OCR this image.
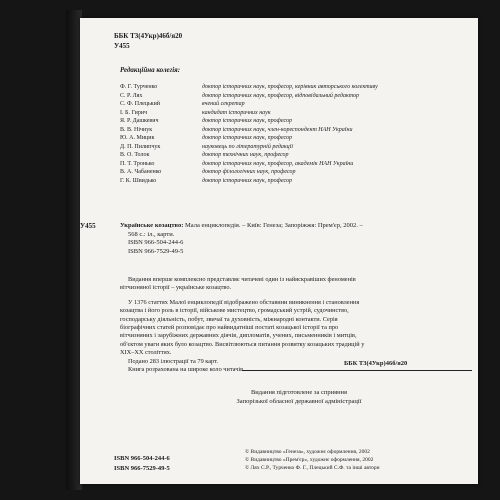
ББК Т3(4Укр)46б/я20
У455
Редакційна колегія:
Ф. Г. Турченко	доктор історичних наук, професор, керівник авторського колективу
С. Р. Лях	доктор історичних наук, професор, відповідальний редактор
С. Ф. Плецький	вчений секретар
І. Б. Гирич	кандидат історичних наук
Я. Р. Дашкевич	доктор історичних наук, професор
В. В. Нічиук	доктор історичних наук, член-кореспондент НАН України
Ю. А. Мицик	доктор історичних наук, професор
Д. П. Пилипчук	науковець по літературній редакції
В. О. Толок	доктор технічних наук, професор
П. Т. Тронько	доктор історичних наук, професор, академік НАН України
В. А. Чабаненко	доктор філологічних наук, професор
Г. К. Швидько	доктор історичних наук, професор
У455	Українське козацтво: Мала енциклопедія. – Київ: Генеза; Запоріжжя: Прем'єр, 2002. –
568 с.: іл., карти.
ISBN 966-504-244-6
ISBN 966-7529-49-5
Видання вперше комплексно представляє читачеві один із найяскравіших феноменів
вітчизняної історії – українське козацтво.
У 1376 статтях Малої енциклопедії відображено обставини виникнення і становлення
козацтва і його роль в історії, військове мистецтво, громадський устрій, судочинство,
господарську діяльність, побут, звичаї та духовність, міжнародні контакти. Серія
біографічних статей розповідає про найвидатніші постаті козацької історії та про
вітчизняних і зарубіжних державних діячів, дипломатів, учених, письменників і митців,
об'єктом уваги яких було козацтво. Висвітлюються питання розвитку козацьких традицій у
XIX–XX століттях.
Подано 283 ілюстрації та 79 карт.
Книга розрахована на широке коло читачів.
ББК Т3(4Укр)46б/я20
Видання підготовлене за сприяння
Запорізької обласної державної адміністрації
ISBN 966-504-244-6
ISBN 966-7529-49-5
© Видавництво «Генеза», художнє оформлення, 2002
© Видавництво «Прем'єр», художнє оформлення, 2002
© Лях С.Р., Турченко Ф. Г., Плецький С.Ф. та інші автори
